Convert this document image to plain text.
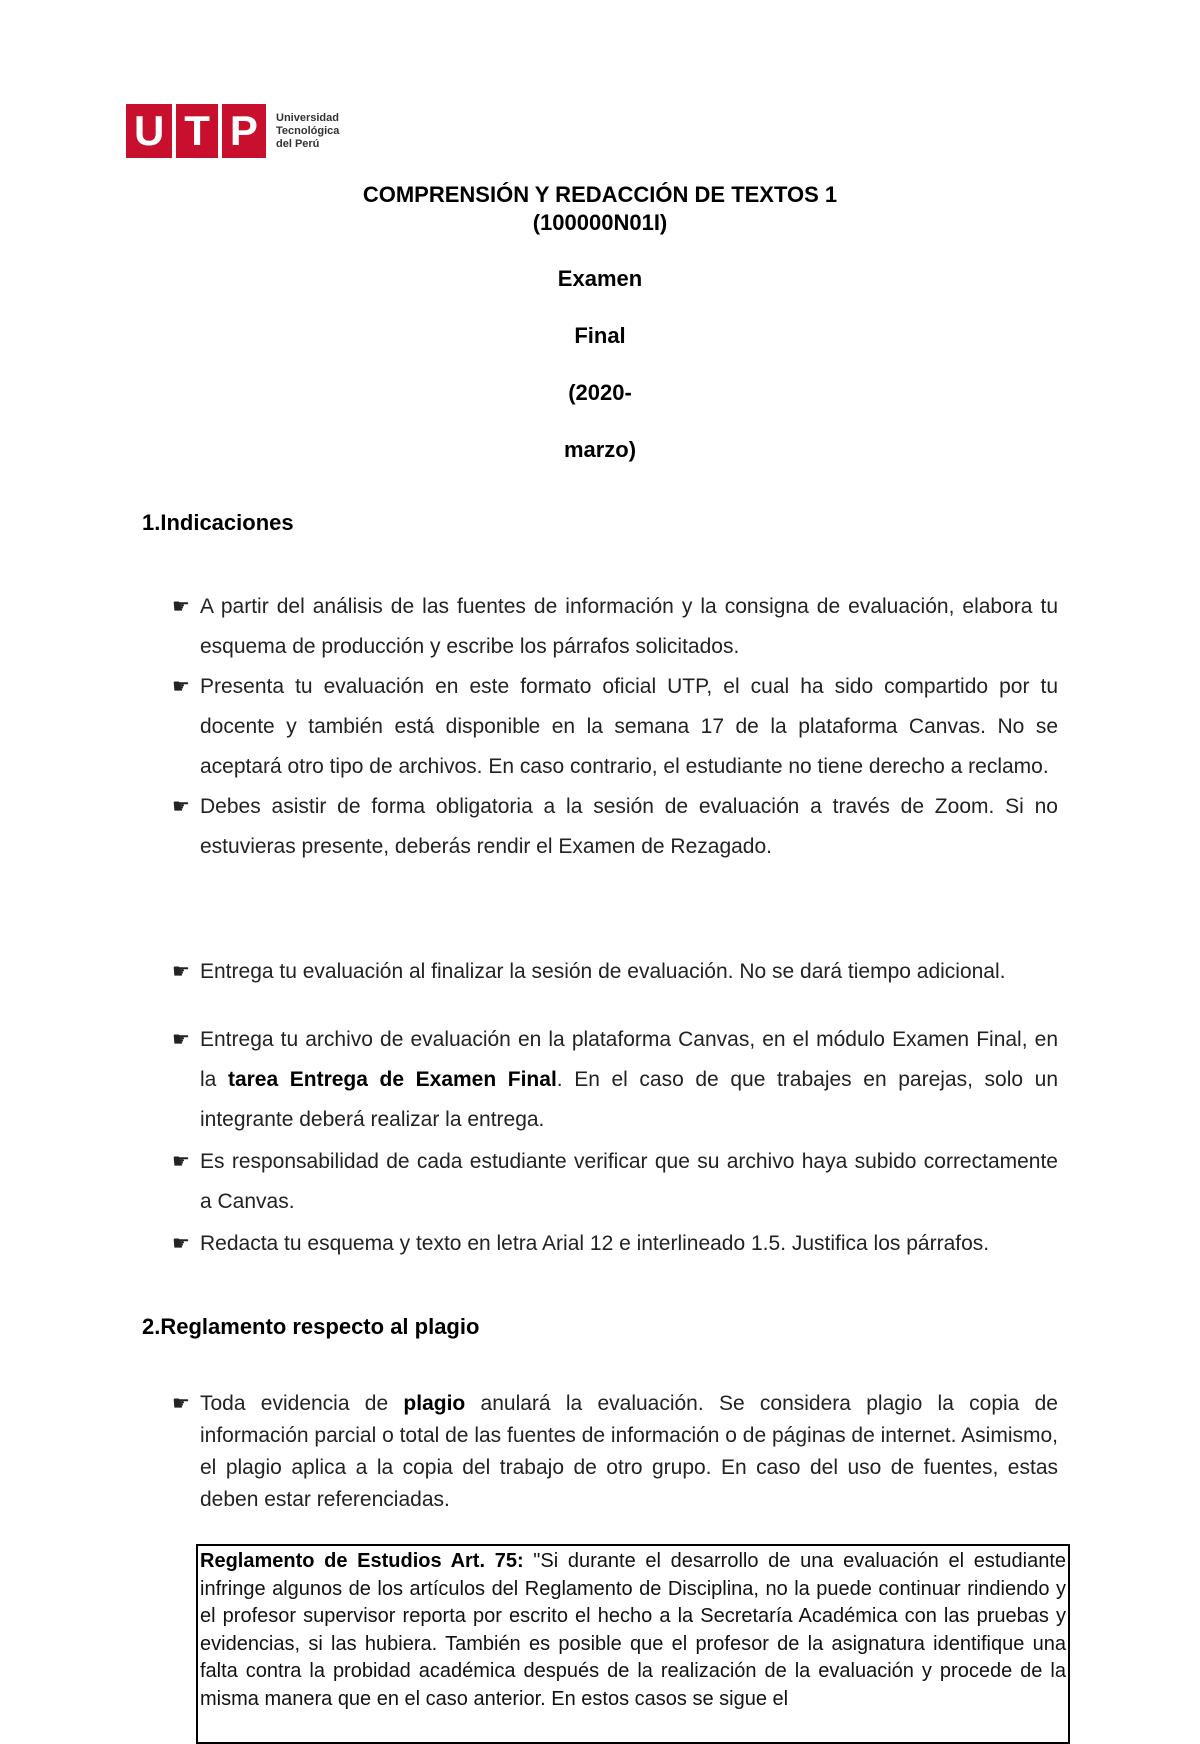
U T P Universidad
Tecnológica
del Perú
COMPRENSIÓN Y REDACCIÓN DE TEXTOS 1
(100000N01I)
Examen
Final
(2020-
marzo)
1.Indicaciones
☛ A partir del análisis de las fuentes de información y la consigna de evaluación, elabora tu esquema de producción y escribe los párrafos solicitados.
☛ Presenta tu evaluación en este formato oficial UTP, el cual ha sido compartido por tu docente y también está disponible en la semana 17 de la plataforma Canvas. No se aceptará otro tipo de archivos. En caso contrario, el estudiante no tiene derecho a reclamo.
☛ Debes asistir de forma obligatoria a la sesión de evaluación a través de Zoom. Si no estuvieras presente, deberás rendir el Examen de Rezagado.
☛ Entrega tu evaluación al finalizar la sesión de evaluación. No se dará tiempo adicional.
☛ Entrega tu archivo de evaluación en la plataforma Canvas, en el módulo Examen Final, en la tarea Entrega de Examen Final. En el caso de que trabajes en parejas, solo un integrante deberá realizar la entrega.
☛ Es responsabilidad de cada estudiante verificar que su archivo haya subido correctamente a Canvas.
☛ Redacta tu esquema y texto en letra Arial 12 e interlineado 1.5. Justifica los párrafos.
2.Reglamento respecto al plagio
☛ Toda evidencia de plagio anulará la evaluación. Se considera plagio la copia de información parcial o total de las fuentes de información o de páginas de internet. Asimismo, el plagio aplica a la copia del trabajo de otro grupo. En caso del uso de fuentes, estas deben estar referenciadas.
Reglamento de Estudios Art. 75: "Si durante el desarrollo de una evaluación el estudiante infringe algunos de los artículos del Reglamento de Disciplina, no la puede continuar rindiendo y el profesor supervisor reporta por escrito el hecho a la Secretaría Académica con las pruebas y evidencias, si las hubiera. También es posible que el profesor de la asignatura identifique una falta contra la probidad académica después de la realización de la evaluación y procede de la misma manera que en el caso anterior. En estos casos se sigue el
